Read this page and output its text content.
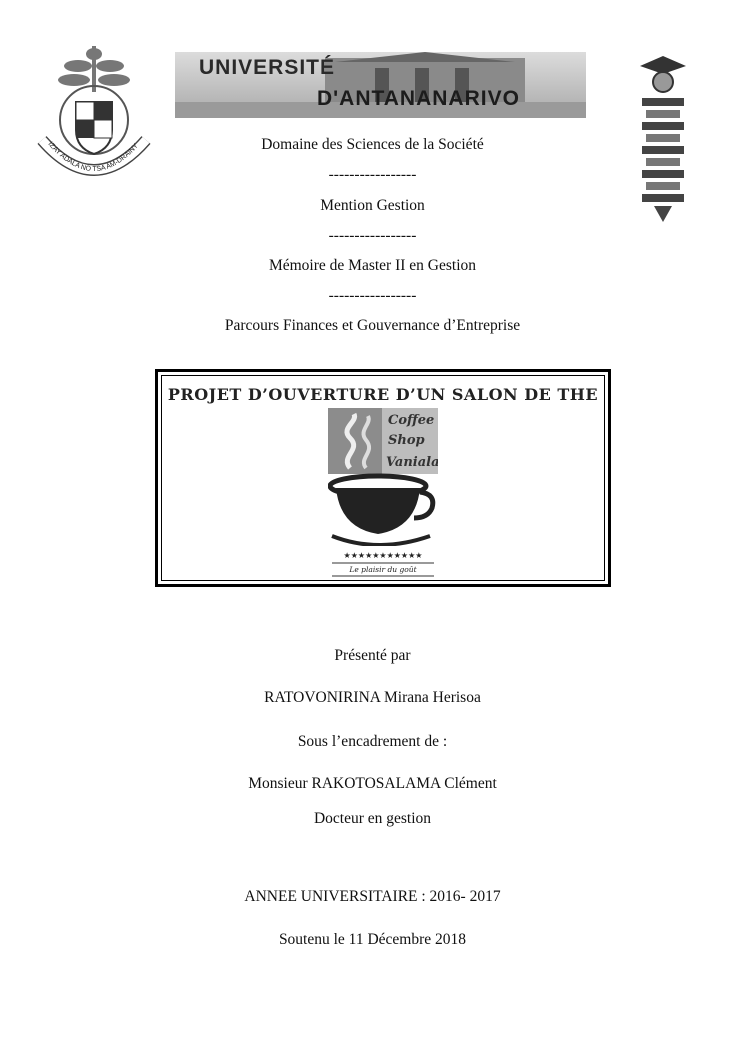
IZAY ADALA NO TSA AM-DRAINY
UNIVERSITÉ
D'ANTANANARIVO
Domaine des Sciences de la Société
-----------------
Mention Gestion
-----------------
Mémoire de Master II en Gestion
-----------------
Parcours Finances et Gouvernance d’Entreprise
PROJET D’OUVERTURE D’UN SALON DE THE
Coffee
Shop
Vaniala
★★★★★★★★★★★
Le plaisir du goût
Présenté par
RATOVONIRINA Mirana Herisoa
Sous l’encadrement de :
Monsieur RAKOTOSALAMA Clément
Docteur en gestion
ANNEE UNIVERSITAIRE : 2016- 2017
Soutenu le 11 Décembre 2018
